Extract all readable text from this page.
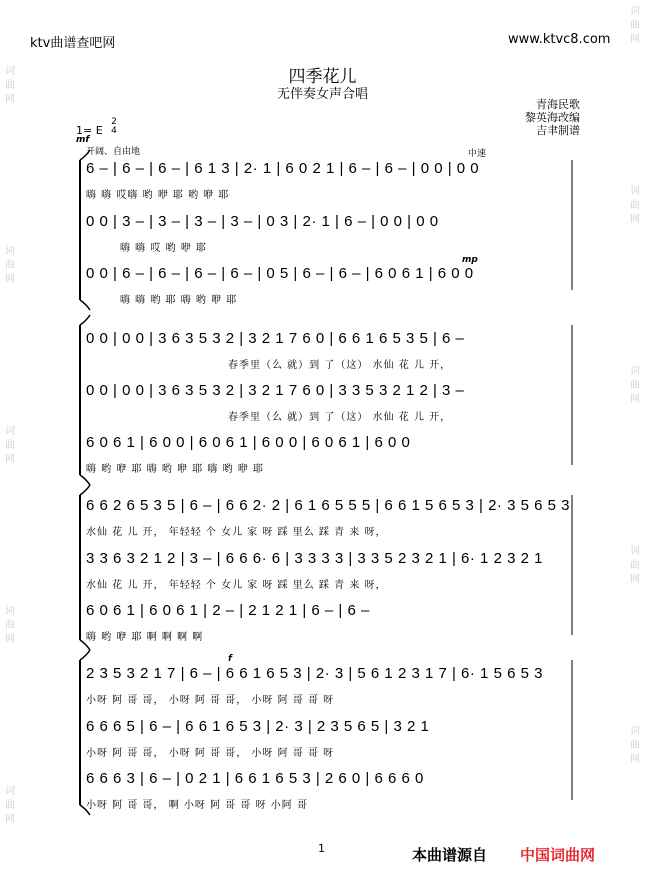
ktv曲谱查吧网	www.ktvc8.com
词
曲
网
词
曲
网
词
曲
网
词
曲
网
词
曲
网
词
曲
网
词
曲
网
词
曲
网
词
曲
网
词
曲
网
四季花儿
无伴奏女声合唱
青海民歌
黎英海改编
吉聿制谱
1= E
2
4
mf
开阔、自由地	中速
mp
f
6 – | 6 – | 6 – | 6 1 3 | 2· 1 | 6 0 2 1 | 6 – | 6 – | 0 0 | 0 0
嗨 嗨 哎嗨 哟 咿 耶 哟 咿 耶
0 0 | 3 – | 3 – | 3 – | 3 – | 0 3 | 2· 1 | 6 – | 0 0 | 0 0
嗨 嗨 哎 哟 咿 耶
0 0 | 6 – | 6 – | 6 – | 6 – | 0 5 | 6 – | 6 – | 6 0 6 1 | 6 0 0
嗨 嗨 哟 耶 嗨 哟 咿 耶
0 0 | 0 0 | 3 6 3 5 3 2 | 3 2 1 7 6 0 | 6 6 1 6 5 3 5 | 6 –
春季里（么 就）到 了（这） 水仙 花 儿 开，
0 0 | 0 0 | 3 6 3 5 3 2 | 3 2 1 7 6 0 | 3 3 5 3 2 1 2 | 3 –
春季里（么 就）到 了（这） 水仙 花 儿 开，
6 0 6 1 | 6 0 0 | 6 0 6 1 | 6 0 0 | 6 0 6 1 | 6 0 0
嗨 哟 咿 耶 嗨 哟 咿 耶 嗨 哟 咿 耶
6 6 2 6 5 3 5 | 6 – | 6 6 2· 2 | 6 1 6 5 5 5 | 6 6 1 5 6 5 3 | 2· 3 5 6 5 3
水仙 花 儿 开， 年轻轻 个 女儿 家 呀 踩 里么 踩 青 来 呀，
3 3 6 3 2 1 2 | 3 – | 6 6 6· 6 | 3 3 3 3 | 3 3 5 2 3 2 1 | 6· 1 2 3 2 1
水仙 花 儿 开， 年轻轻 个 女儿 家 呀 踩 里么 踩 青 来 呀，
6 0 6 1 | 6 0 6 1 | 2 – | 2 1 2 1 | 6 – | 6 –
嗨 哟 咿 耶 啊 啊 啊 啊
2 3 5 3 2 1 7 | 6 – | 6 6 1 6 5 3 | 2· 3 | 5 6 1 2 3 1 7 | 6· 1 5 6 5 3
小呀 阿 哥 哥， 小呀 阿 哥 哥， 小呀 阿 哥 哥 呀
6 6 6 5 | 6 – | 6 6 1 6 5 3 | 2· 3 | 2 3 5 6 5 | 3 2 1
小呀 阿 哥 哥， 小呀 阿 哥 哥， 小呀 阿 哥 哥 呀
6 6 6 3 | 6 – | 0 2 1 | 6 6 1 6 5 3 | 2 6 0 | 6 6 6 0
小呀 阿 哥 哥， 啊 小呀 阿 哥 哥 呀 小阿 哥
1	本曲谱源自 中国词曲网
